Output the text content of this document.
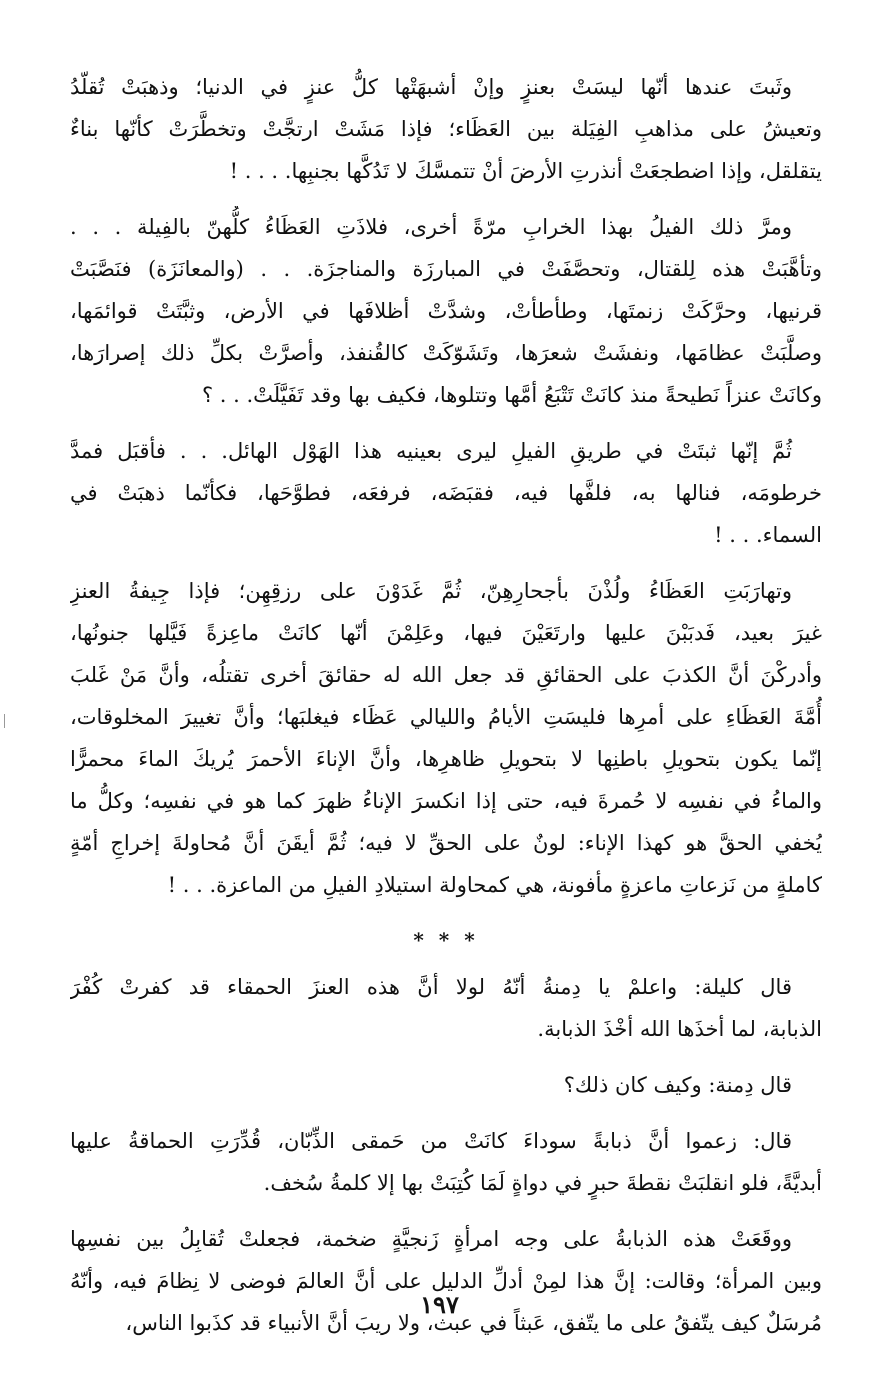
وثَبتَ عندها أنّها ليسَتْ بعنزٍ وإنْ أشبهَتْها كلُّ عنزٍ في الدنيا؛ وذهبَتْ تُقلّدُ
وتعيشُ على مذاهبِ الفِيَلة بين العَظَاء؛ فإذا مَشَتْ ارتجَّتْ وتخطَّرَتْ كأنّها بناءٌ
يتقلقل، وإذا اضطجعَتْ أنذرتِ الأرضَ أنْ تتمسَّكَ لا تَدُكَّها بجنبِها. . . . !
ومرَّ ذلك الفيلُ بهذا الخرابِ مرّةً أخرى، فلاذَتِ العَظَاءُ كلُّهنّ بالفِيلة . . .
وتأهَّبَتْ هذه لِلقتال، وتحصَّفَتْ في المبارزَة والمناجزَة. . . (والمعانَزَة) فنَصَّبَتْ
قرنيها، وحرَّكَتْ زنمتَها، وطأطأتْ، وشدَّتْ أظلافَها في الأرض، وثبَّتَتْ قوائمَها،
وصلَّبَتْ عظامَها، ونفشَتْ شعرَها، وتَشَوّكَتْ كالقُنفذ، وأصرَّتْ بكلِّ ذلك إصرارَها،
وكانَتْ عنزاً نَطيحةً منذ كانَتْ تَتْبَعُ أمَّها وتتلوها، فكيف بها وقد تَفَيَّلَتْ. . . ؟
ثُمَّ إنّها ثبتَتْ في طريقِ الفيلِ ليرى بعينيه هذا الهَوْل الهائل. . . فأقبَل فمدَّ
خرطومَه، فنالها به، فلفَّها فيه، فقبَضَه، فرفعَه، فطوَّحَها، فكأنّما ذهبَتْ في
السماء. . . !
وتهارَبَتِ العَظَاءُ ولُذْنَ بأجحارِهِنّ، ثُمَّ غَدَوْنَ على رزقِهِن؛ فإذا جِيفةُ العنزِ
غيرَ بعيد، فَدبَبْنَ عليها وارتَعَيْنَ فيها، وعَلِمْنَ أنّها كانَتْ ماعِزةً فَيَّلها جنونُها،
وأدركْنَ أنَّ الكذبَ على الحقائقِ قد جعل الله له حقائقَ أخرى تقتلُه، وأنَّ مَنْ غَلبَ
أُمَّةَ العَظَاءِ على أمرِها فليسَتِ الأيامُ والليالي عَظَاء فيغلبَها؛ وأنَّ تغييرَ المخلوقات،
إنّما يكون بتحويلِ باطنِها لا بتحويلِ ظاهرِها، وأنَّ الإناءَ الأحمرَ يُريكَ الماءَ محمرًّا
والماءُ في نفسِه لا حُمرةَ فيه، حتى إذا انكسرَ الإناءُ ظهرَ كما هو في نفسِه؛ وكلُّ ما
يُخفي الحقَّ هو كهذا الإناء: لونٌ على الحقِّ لا فيه؛ ثُمَّ أيقَنَ أنَّ مُحاولةَ إخراجِ أمّةٍ
كاملةٍ من نَزعاتِ ماعزةٍ مأفونة، هي كمحاولة استيلادِ الفيلِ من الماعزة. . . !
* * *
قال كليلة: واعلمْ يا دِمنةُ أنّهُ لولا أنَّ هذه العنزَ الحمقاء قد كفرتْ كُفْرَ
الذبابة، لما أخذَها الله أخْذَ الذبابة.
قال دِمنة: وكيف كان ذلك؟
قال: زعموا أنَّ ذبابةً سوداءَ كانَتْ من حَمقى الذِّبّان، قُدِّرَتِ الحماقةُ عليها
أبديَّةً، فلو انقلبَتْ نقطةَ حبرٍ في دواةٍ لَمَا كُتِبَتْ بها إلا كلمةُ سُخف.
ووقَعَتْ هذه الذبابةُ على وجه امرأةٍ زَنجيَّةٍ ضخمة، فجعلتْ تُقابِلُ بين نفسِها
وبين المرأة؛ وقالت: إنَّ هذا لمِنْ أدلِّ الدليل على أنَّ العالمَ فوضى لا نِظامَ فيه، وأنّهُ
مُرسَلٌ كيف يتّفقُ على ما يتّفق، عَبثاً في عبث، ولا ريبَ أنَّ الأنبياء قد كذَبوا الناس،
١٩٧
